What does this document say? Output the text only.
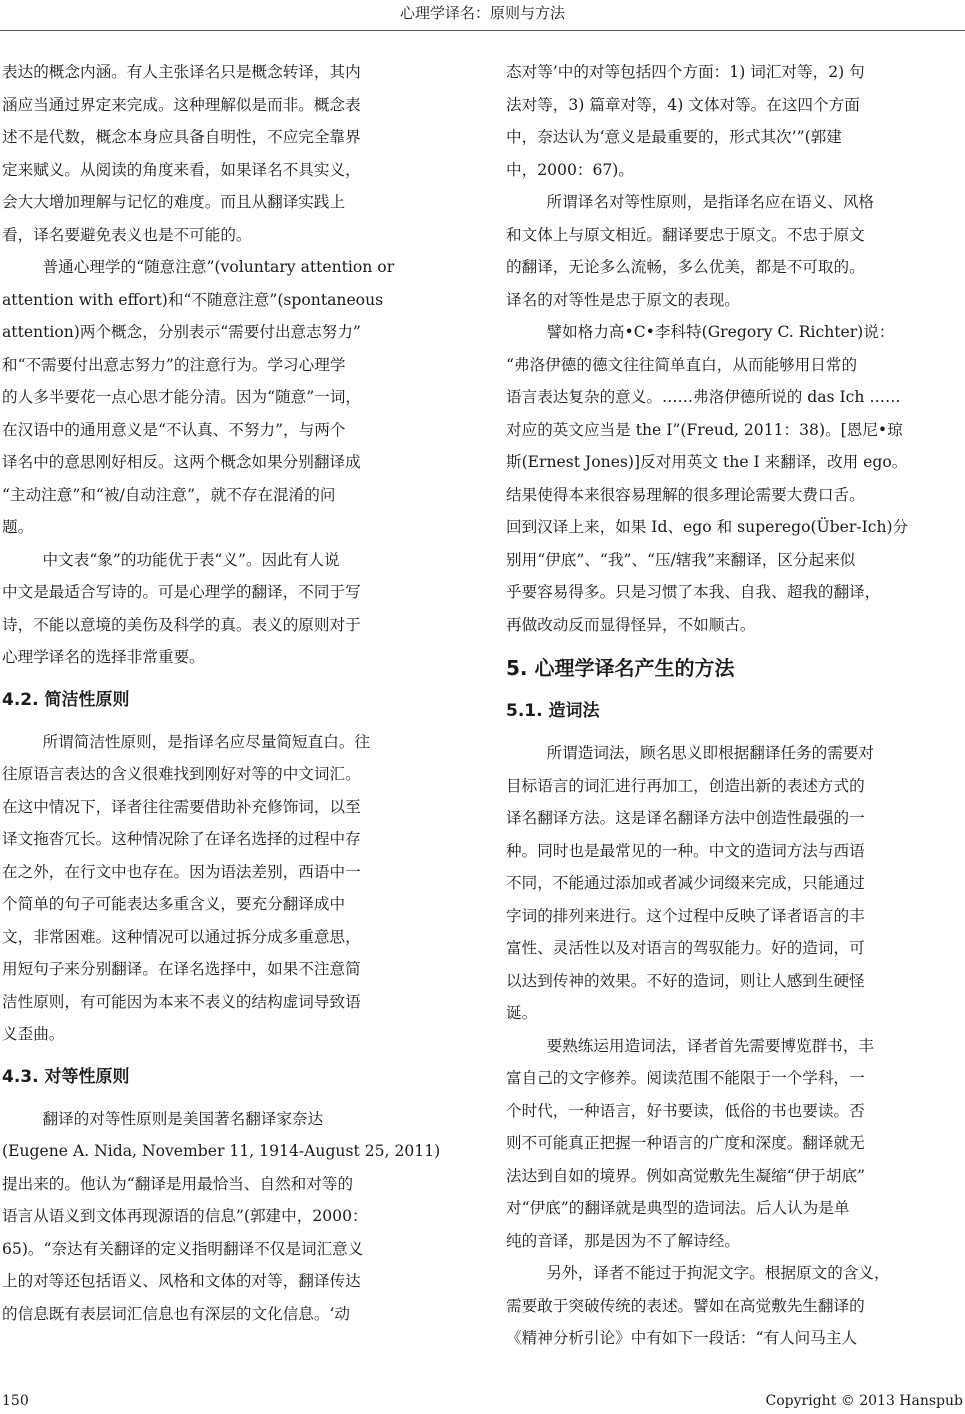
心理学译名：原则与方法

表达的概念内涵。有人主张译名只是概念转译，其内
涵应当通过界定来完成。这种理解似是而非。概念表
述不是代数，概念本身应具备自明性，不应完全靠界
定来赋义。从阅读的角度来看，如果译名不具实义，
会大大增加理解与记忆的难度。而且从翻译实践上
看，译名要避免表义也是不可能的。

普通心理学的“随意注意”(voluntary attention or
attention with effort)和“不随意注意”(spontaneous
attention)两个概念，分别表示“需要付出意志努力”
和“不需要付出意志努力”的注意行为。学习心理学
的人多半要花一点心思才能分清。因为“随意”一词，
在汉语中的通用意义是“不认真、不努力”，与两个
译名中的意思刚好相反。这两个概念如果分别翻译成
“主动注意”和“被/自动注意”，就不存在混淆的问
题。

中文表“象”的功能优于表“义”。因此有人说
中文是最适合写诗的。可是心理学的翻译，不同于写
诗，不能以意境的美伤及科学的真。表义的原则对于
心理学译名的选择非常重要。

4.2. 简洁性原则

所谓简洁性原则，是指译名应尽量简短直白。往
往原语言表达的含义很难找到刚好对等的中文词汇。
在这中情况下，译者往往需要借助补充修饰词，以至
译文拖沓冗长。这种情况除了在译名选择的过程中存
在之外，在行文中也存在。因为语法差别，西语中一
个简单的句子可能表达多重含义，要充分翻译成中
文，非常困难。这种情况可以通过拆分成多重意思，
用短句子来分别翻译。在译名选择中，如果不注意简
洁性原则，有可能因为本来不表义的结构虚词导致语
义歪曲。

4.3. 对等性原则

翻译的对等性原则是美国著名翻译家奈达
(Eugene A. Nida, November 11, 1914-August 25, 2011)
提出来的。他认为“翻译是用最恰当、自然和对等的
语言从语义到文体再现源语的信息”(郭建中，2000：
65)。“奈达有关翻译的定义指明翻译不仅是词汇意义
上的对等还包括语义、风格和文体的对等，翻译传达
的信息既有表层词汇信息也有深层的文化信息。‘动

态对等’中的对等包括四个方面：1) 词汇对等，2) 句
法对等，3) 篇章对等，4) 文体对等。在这四个方面
中，奈达认为‘意义是最重要的，形式其次’”(郭建
中，2000：67)。

所谓译名对等性原则，是指译名应在语义、风格
和文体上与原文相近。翻译要忠于原文。不忠于原文
的翻译，无论多么流畅，多么优美，都是不可取的。
译名的对等性是忠于原文的表现。

譬如格力高•C•李科特(Gregory C. Richter)说：
“弗洛伊德的德文往往简单直白，从而能够用日常的
语言表达复杂的意义。……弗洛伊德所说的 das Ich ……
对应的英文应当是 the I”(Freud, 2011：38)。[恩尼•琼
斯(Ernest Jones)]反对用英文 the I 来翻译，改用 ego。
结果使得本来很容易理解的很多理论需要大费口舌。
回到汉译上来，如果 Id、ego 和 superego(Über-Ich)分
别用“伊底”、“我”、“压/辖我”来翻译，区分起来似
乎要容易得多。只是习惯了本我、自我、超我的翻译，
再做改动反而显得怪异，不如顺古。

5. 心理学译名产生的方法
5.1. 造词法

所谓造词法，顾名思义即根据翻译任务的需要对
目标语言的词汇进行再加工，创造出新的表述方式的
译名翻译方法。这是译名翻译方法中创造性最强的一
种。同时也是最常见的一种。中文的造词方法与西语
不同，不能通过添加或者减少词缀来完成，只能通过
字词的排列来进行。这个过程中反映了译者语言的丰
富性、灵活性以及对语言的驾驭能力。好的造词，可
以达到传神的效果。不好的造词，则让人感到生硬怪
诞。

要熟练运用造词法，译者首先需要博览群书，丰
富自己的文字修养。阅读范围不能限于一个学科，一
个时代，一种语言，好书要读，低俗的书也要读。否
则不可能真正把握一种语言的广度和深度。翻译就无
法达到自如的境界。例如高觉敷先生凝缩“伊于胡底”
对“伊底”的翻译就是典型的造词法。后人认为是单
纯的音译，那是因为不了解诗经。

另外，译者不能过于拘泥文字。根据原文的含义，
需要敢于突破传统的表述。譬如在高觉敷先生翻译的
《精神分析引论》中有如下一段话：“有人问马主人

150	Copyright © 2013 Hanspub
